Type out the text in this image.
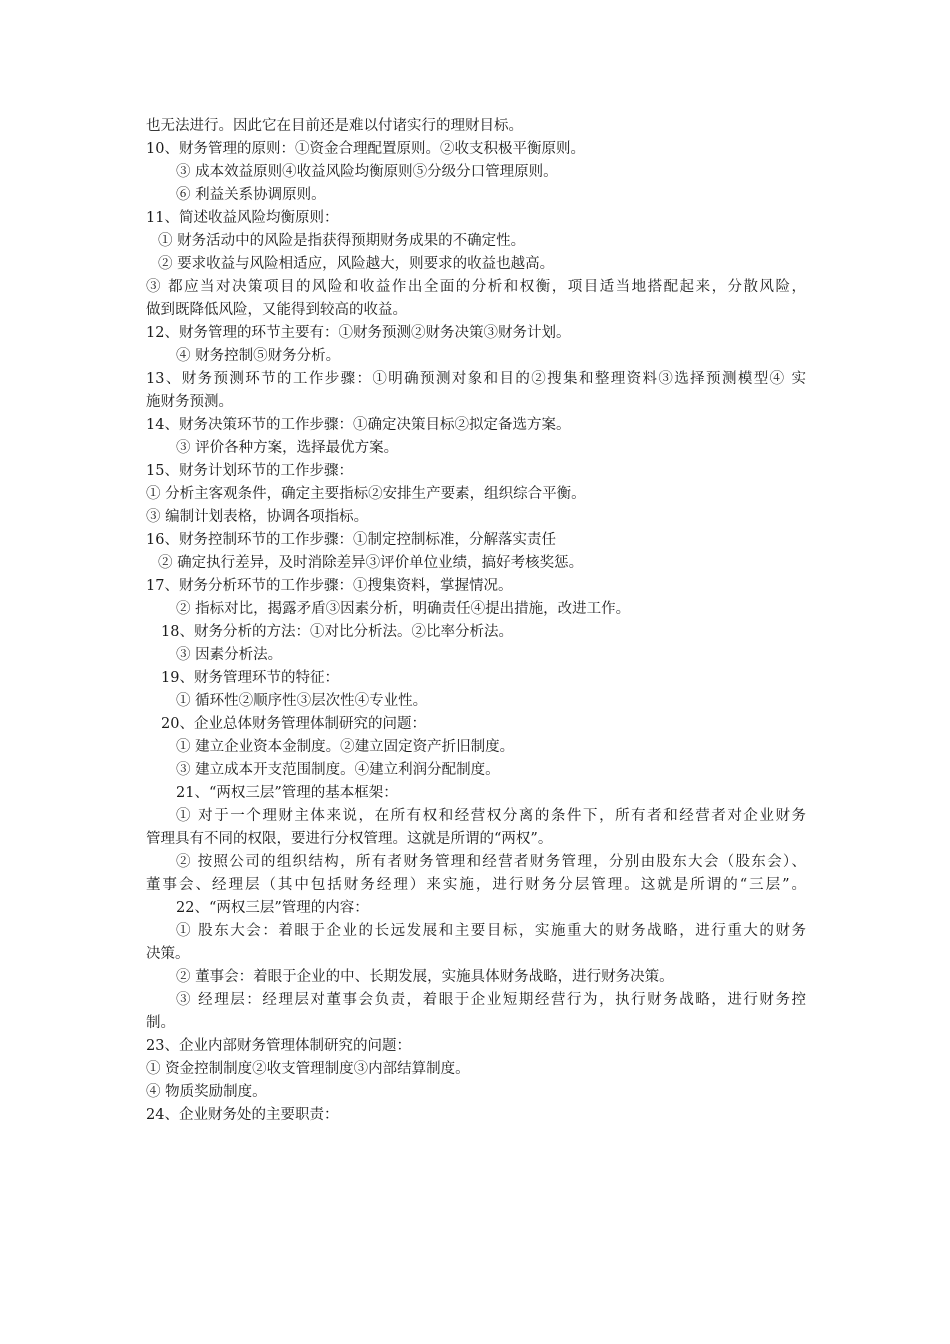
也无法进行。因此它在目前还是难以付诸实行的理财目标。
10、财务管理的原则：①资金合理配置原则。②收支积极平衡原则。
③ 成本效益原则④收益风险均衡原则⑤分级分口管理原则。
⑥ 利益关系协调原则。
11、简述收益风险均衡原则：
① 财务活动中的风险是指获得预期财务成果的不确定性。
② 要求收益与风险相适应，风险越大，则要求的收益也越高。
③ 都应当对决策项目的风险和收益作出全面的分析和权衡，项目适当地搭配起来，分散风险，
做到既降低风险，又能得到较高的收益。
12、财务管理的环节主要有：①财务预测②财务决策③财务计划。
④ 财务控制⑤财务分析。
13、财务预测环节的工作步骤：①明确预测对象和目的②搜集和整理资料③选择预测模型④ 实
施财务预测。
14、财务决策环节的工作步骤：①确定决策目标②拟定备选方案。
③ 评价各种方案，选择最优方案。
15、财务计划环节的工作步骤：
① 分析主客观条件，确定主要指标②安排生产要素，组织综合平衡。
③ 编制计划表格，协调各项指标。
16、财务控制环节的工作步骤：①制定控制标准，分解落实责任
② 确定执行差异，及时消除差异③评价单位业绩，搞好考核奖惩。
17、财务分析环节的工作步骤：①搜集资料，掌握情况。
② 指标对比，揭露矛盾③因素分析，明确责任④提出措施，改进工作。
18、财务分析的方法：①对比分析法。②比率分析法。
③ 因素分析法。
19、财务管理环节的特征：
① 循环性②顺序性③层次性④专业性。
20、企业总体财务管理体制研究的问题：
① 建立企业资本金制度。②建立固定资产折旧制度。
③ 建立成本开支范围制度。④建立利润分配制度。
21、“两权三层”管理的基本框架：
① 对于一个理财主体来说，在所有权和经营权分离的条件下，所有者和经营者对企业财务
管理具有不同的权限，要进行分权管理。这就是所谓的“两权”。
② 按照公司的组织结构，所有者财务管理和经营者财务管理，分别由股东大会（股东会）、
董事会、经理层（其中包括财务经理）来实施，进行财务分层管理。这就是所谓的“三层”。
22、“两权三层”管理的内容：
① 股东大会：着眼于企业的长远发展和主要目标，实施重大的财务战略，进行重大的财务
决策。
② 董事会：着眼于企业的中、长期发展，实施具体财务战略，进行财务决策。
③ 经理层：经理层对董事会负责，着眼于企业短期经营行为，执行财务战略，进行财务控
制。
23、企业内部财务管理体制研究的问题：
① 资金控制制度②收支管理制度③内部结算制度。
④ 物质奖励制度。
24、企业财务处的主要职责：
